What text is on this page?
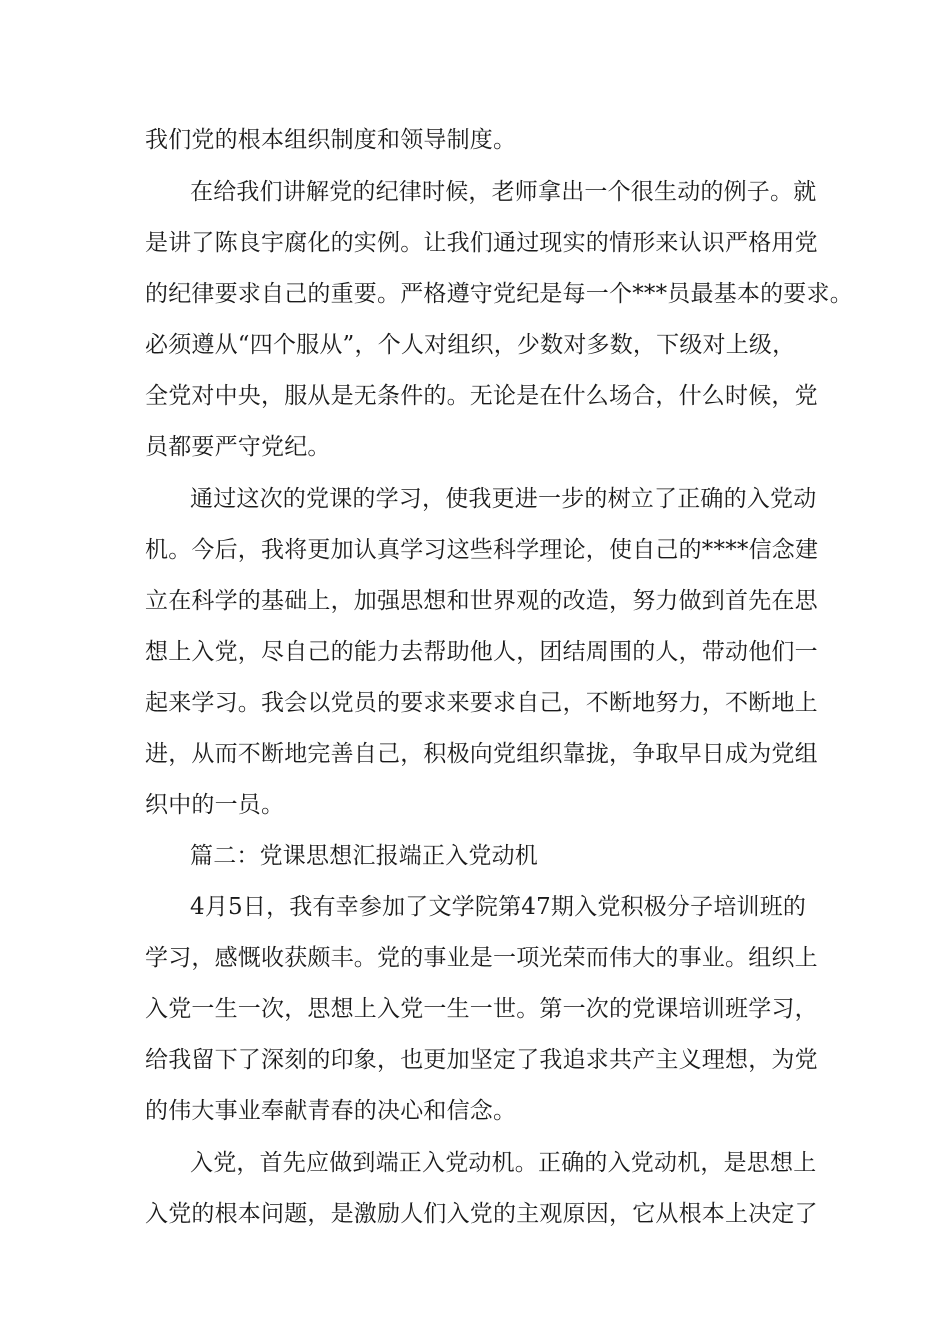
我们党的根本组织制度和领导制度。
在给我们讲解党的纪律时候，老师拿出一个很生动的例子。就
是讲了陈良宇腐化的实例。让我们通过现实的情形来认识严格用党
的纪律要求自己的重要。严格遵守党纪是每一个***员最基本的要求。
必须遵从“四个服从”，个人对组织，少数对多数，下级对上级，
全党对中央，服从是无条件的。无论是在什么场合，什么时候，党
员都要严守党纪。
通过这次的党课的学习，使我更进一步的树立了正确的入党动
机。今后，我将更加认真学习这些科学理论，使自己的****信念建
立在科学的基础上，加强思想和世界观的改造，努力做到首先在思
想上入党，尽自己的能力去帮助他人，团结周围的人，带动他们一
起来学习。我会以党员的要求来要求自己，不断地努力，不断地上
进，从而不断地完善自己，积极向党组织靠拢，争取早日成为党组
织中的一员。
篇二：党课思想汇报端正入党动机
4月5日，我有幸参加了文学院第47期入党积极分子培训班的
学习，感慨收获颇丰。党的事业是一项光荣而伟大的事业。组织上
入党一生一次，思想上入党一生一世。第一次的党课培训班学习，
给我留下了深刻的印象，也更加坚定了我追求共产主义理想，为党
的伟大事业奉献青春的决心和信念。
入党，首先应做到端正入党动机。正确的入党动机，是思想上
入党的根本问题，是激励人们入党的主观原因，它从根本上决定了
